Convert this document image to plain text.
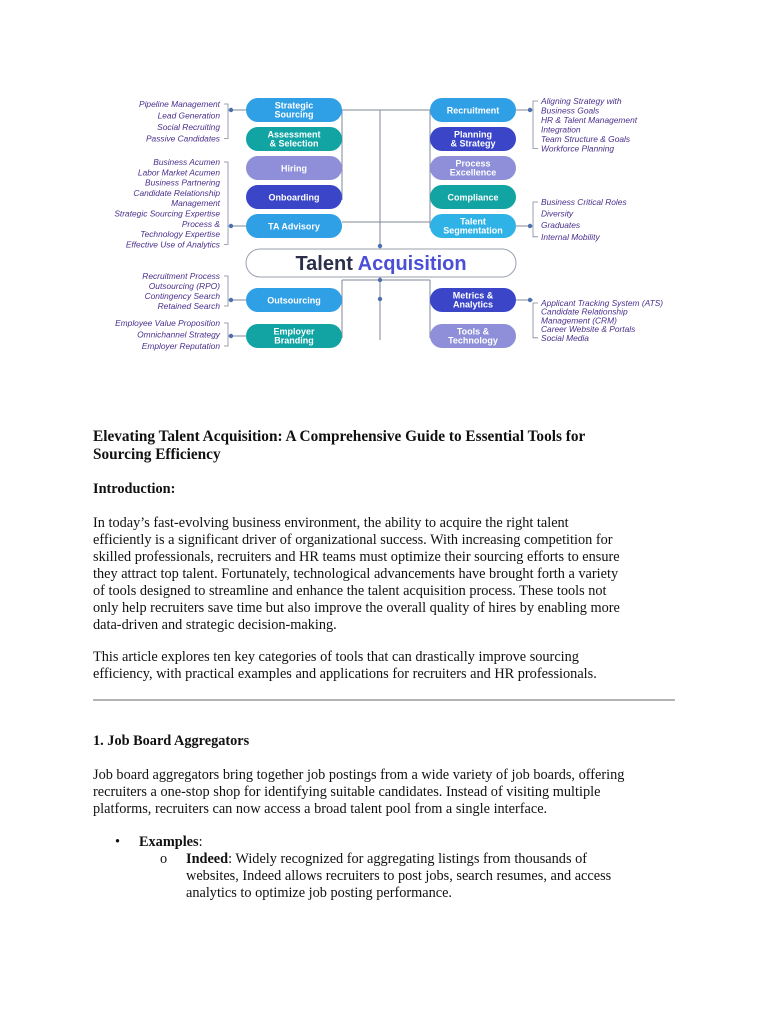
Strategic
Sourcing
Assessment
& Selection
Hiring
Onboarding
TA Advisory
Outsourcing
Employer
Branding
Recruitment
Planning
& Strategy
Process
Excellence
Compliance
Talent
Segmentation
Metrics &
Analytics
Tools &
Technology
Talent Acquisition
Pipeline Management
Lead Generation
Social Recruiting
Passive Candidates
Business Acumen
Labor Market Acumen
Business Partnering
Candidate Relationship
Management
Strategic Sourcing Expertise
Process &
Technology Expertise
Effective Use of Analytics
Recruitment Process
Outsourcing (RPO)
Contingency Search
Retained Search
Employee Value Proposition
Omnichannel Strategy
Employer Reputation
Aligning Strategy with
Business Goals
HR & Talent Management
Integration
Team Structure & Goals
Workforce Planning
Business Critical Roles
Diversity
Graduates
Internal Mobility
Applicant Tracking System (ATS)
Candidate Relationship
Management (CRM)
Career Website & Portals
Social Media
Elevating Talent Acquisition: A Comprehensive Guide to Essential Tools for
Sourcing Efficiency

Introduction:

In today’s fast-evolving business environment, the ability to acquire the right talent
efficiently is a significant driver of organizational success. With increasing competition for
skilled professionals, recruiters and HR teams must optimize their sourcing efforts to ensure
they attract top talent. Fortunately, technological advancements have brought forth a variety
of tools designed to streamline and enhance the talent acquisition process. These tools not
only help recruiters save time but also improve the overall quality of hires by enabling more
data-driven and strategic decision-making.
This article explores ten key categories of tools that can drastically improve sourcing
efficiency, with practical examples and applications for recruiters and HR professionals.

1. Job Board Aggregators

Job board aggregators bring together job postings from a wide variety of job boards, offering
recruiters a one-stop shop for identifying suitable candidates. Instead of visiting multiple
platforms, recruiters can now access a broad talent pool from a single interface.
• Examples:
o Indeed: Widely recognized for aggregating listings from thousands of
websites, Indeed allows recruiters to post jobs, search resumes, and access
analytics to optimize job posting performance.
